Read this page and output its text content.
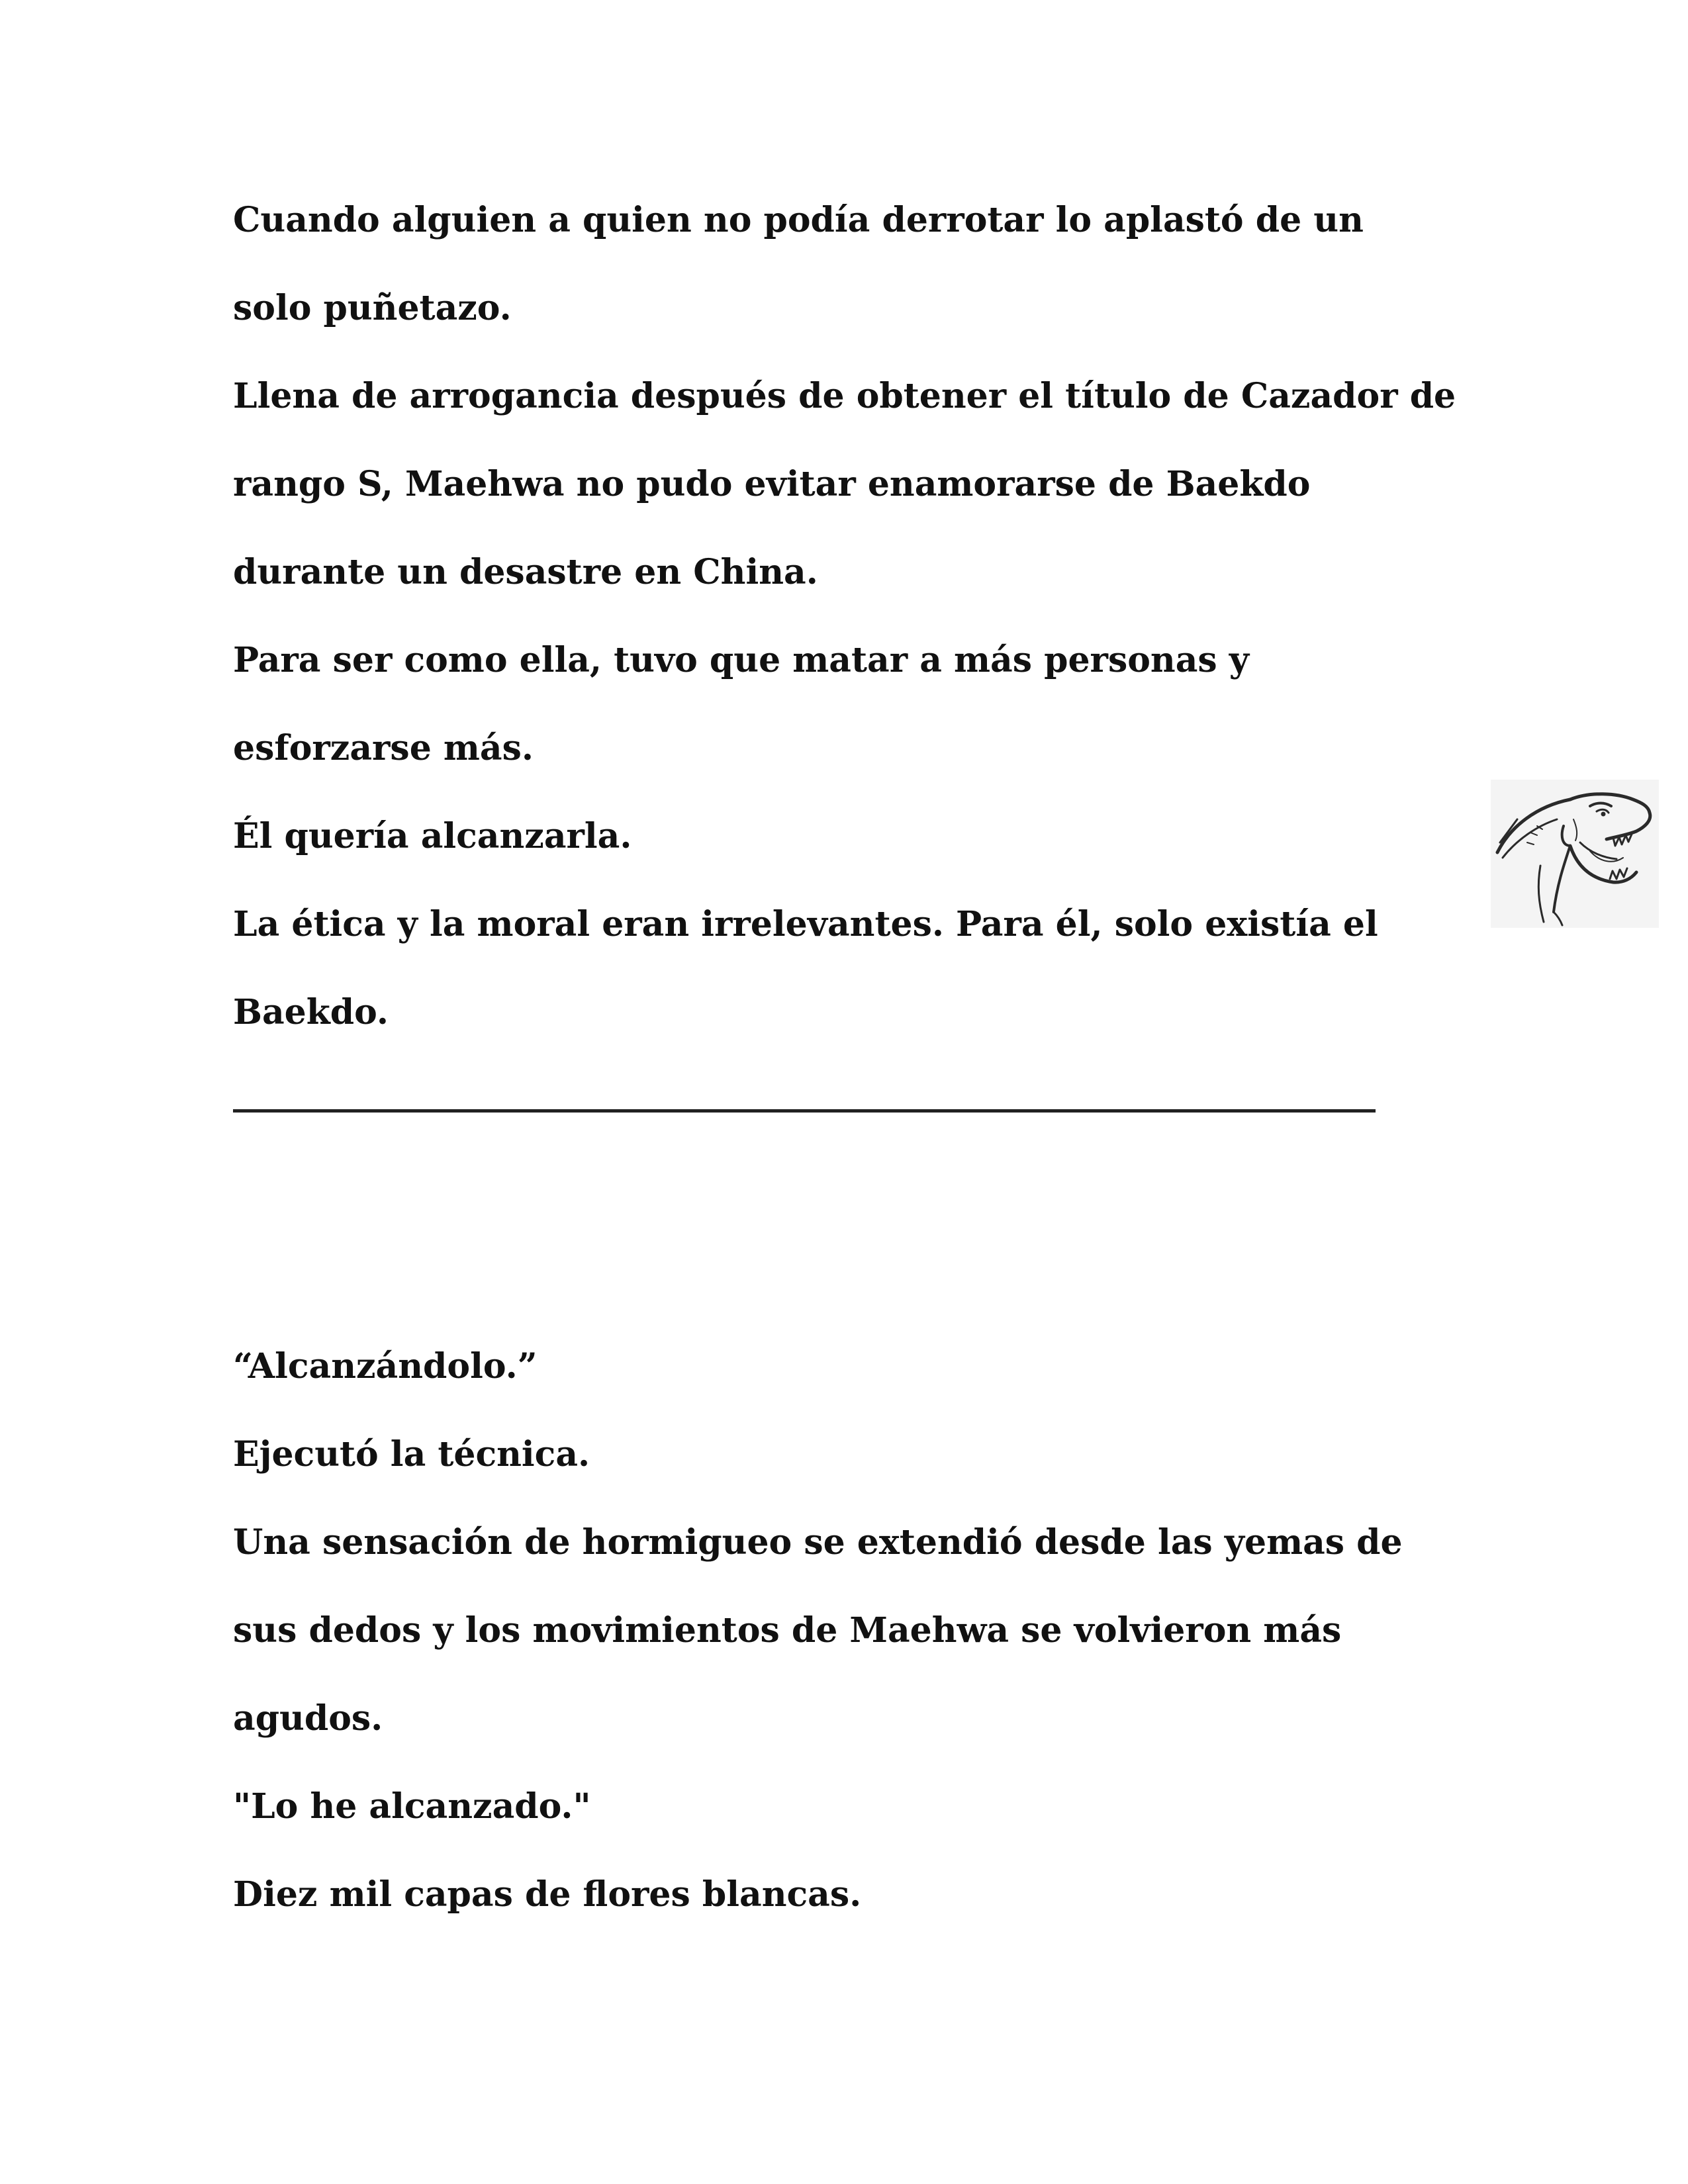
Cuando alguien a quien no podía derrotar lo aplastó de un

solo puñetazo.

Llena de arrogancia después de obtener el título de Cazador de

rango S, Maehwa no pudo evitar enamorarse de Baekdo

durante un desastre en China.

Para ser como ella, tuvo que matar a más personas y

esforzarse más.

Él quería alcanzarla.

La ética y la moral eran irrelevantes. Para él, solo existía el

Baekdo.

“Alcanzándolo.”

Ejecutó la técnica.

Una sensación de hormigueo se extendió desde las yemas de

sus dedos y los movimientos de Maehwa se volvieron más

agudos.

"Lo he alcanzado."

Diez mil capas de flores blancas.
